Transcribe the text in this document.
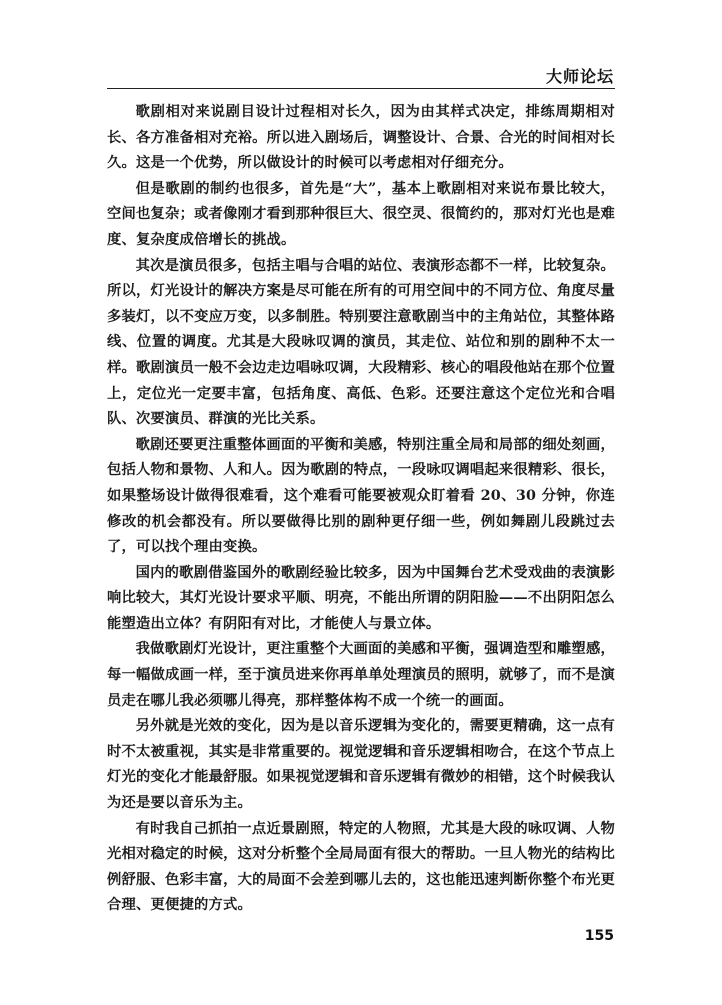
大师论坛

歌剧相对来说剧目设计过程相对长久，因为由其样式决定，排练周期相对长、各方准备相对充裕。所以进入剧场后，调整设计、合景、合光的时间相对长久。这是一个优势，所以做设计的时候可以考虑相对仔细充分。

但是歌剧的制约也很多，首先是“大”，基本上歌剧相对来说布景比较大，空间也复杂；或者像刚才看到那种很巨大、很空灵、很简约的，那对灯光也是难度、复杂度成倍增长的挑战。

其次是演员很多，包括主唱与合唱的站位、表演形态都不一样，比较复杂。所以，灯光设计的解决方案是尽可能在所有的可用空间中的不同方位、角度尽量多装灯，以不变应万变，以多制胜。特别要注意歌剧当中的主角站位，其整体路线、位置的调度。尤其是大段咏叹调的演员，其走位、站位和别的剧种不太一样。歌剧演员一般不会边走边唱咏叹调，大段精彩、核心的唱段他站在那个位置上，定位光一定要丰富，包括角度、高低、色彩。还要注意这个定位光和合唱队、次要演员、群演的光比关系。

歌剧还要更注重整体画面的平衡和美感，特别注重全局和局部的细处刻画，包括人物和景物、人和人。因为歌剧的特点，一段咏叹调唱起来很精彩、很长，如果整场设计做得很难看，这个难看可能要被观众盯着看 20、30 分钟，你连修改的机会都没有。所以要做得比别的剧种更仔细一些，例如舞剧儿段跳过去了，可以找个理由变换。

国内的歌剧借鉴国外的歌剧经验比较多，因为中国舞台艺术受戏曲的表演影响比较大，其灯光设计要求平顺、明亮，不能出所谓的阴阳脸——不出阴阳怎么能塑造出立体？有阴阳有对比，才能使人与景立体。

我做歌剧灯光设计，更注重整个大画面的美感和平衡，强调造型和雕塑感，每一幅做成画一样，至于演员进来你再单单处理演员的照明，就够了，而不是演员走在哪儿我必须哪儿得亮，那样整体构不成一个统一的画面。

另外就是光效的变化，因为是以音乐逻辑为变化的，需要更精确，这一点有时不太被重视，其实是非常重要的。视觉逻辑和音乐逻辑相吻合，在这个节点上灯光的变化才能最舒服。如果视觉逻辑和音乐逻辑有微妙的相错，这个时候我认为还是要以音乐为主。

有时我自己抓拍一点近景剧照，特定的人物照，尤其是大段的咏叹调、人物光相对稳定的时候，这对分析整个全局局面有很大的帮助。一旦人物光的结构比例舒服、色彩丰富，大的局面不会差到哪儿去的，这也能迅速判断你整个布光更合理、更便捷的方式。

155
